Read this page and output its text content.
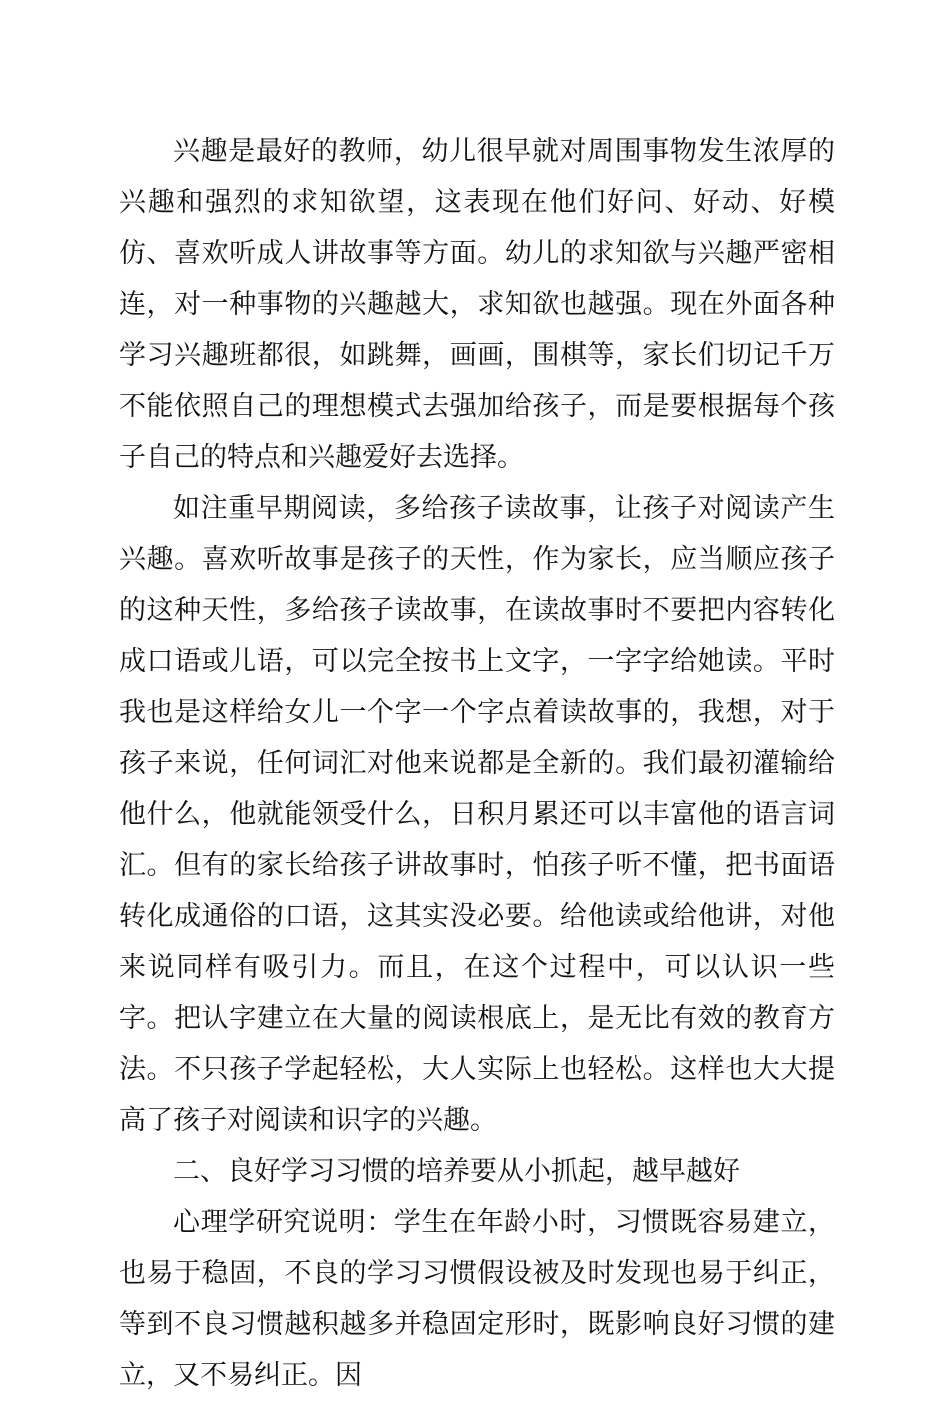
兴趣是最好的教师，幼儿很早就对周围事物发生浓厚的兴趣和强烈的求知欲望，这表现在他们好问、好动、好模仿、喜欢听成人讲故事等方面。幼儿的求知欲与兴趣严密相连，对一种事物的兴趣越大，求知欲也越强。现在外面各种学习兴趣班都很，如跳舞，画画，围棋等，家长们切记千万不能依照自己的理想模式去强加给孩子，而是要根据每个孩子自己的特点和兴趣爱好去选择。

如注重早期阅读，多给孩子读故事，让孩子对阅读产生兴趣。喜欢听故事是孩子的天性，作为家长，应当顺应孩子的这种天性，多给孩子读故事，在读故事时不要把内容转化成口语或儿语，可以完全按书上文字，一字字给她读。平时我也是这样给女儿一个字一个字点着读故事的，我想，对于孩子来说，任何词汇对他来说都是全新的。我们最初灌输给他什么，他就能领受什么，日积月累还可以丰富他的语言词汇。但有的家长给孩子讲故事时，怕孩子听不懂，把书面语转化成通俗的口语，这其实没必要。给他读或给他讲，对他来说同样有吸引力。而且，在这个过程中，可以认识一些字。把认字建立在大量的阅读根底上，是无比有效的教育方法。不只孩子学起轻松，大人实际上也轻松。这样也大大提高了孩子对阅读和识字的兴趣。

二、良好学习习惯的培养要从小抓起，越早越好

心理学研究说明：学生在年龄小时，习惯既容易建立，也易于稳固，不良的学习习惯假设被及时发现也易于纠正，等到不良习惯越积越多并稳固定形时，既影响良好习惯的建立，又不易纠正。因
